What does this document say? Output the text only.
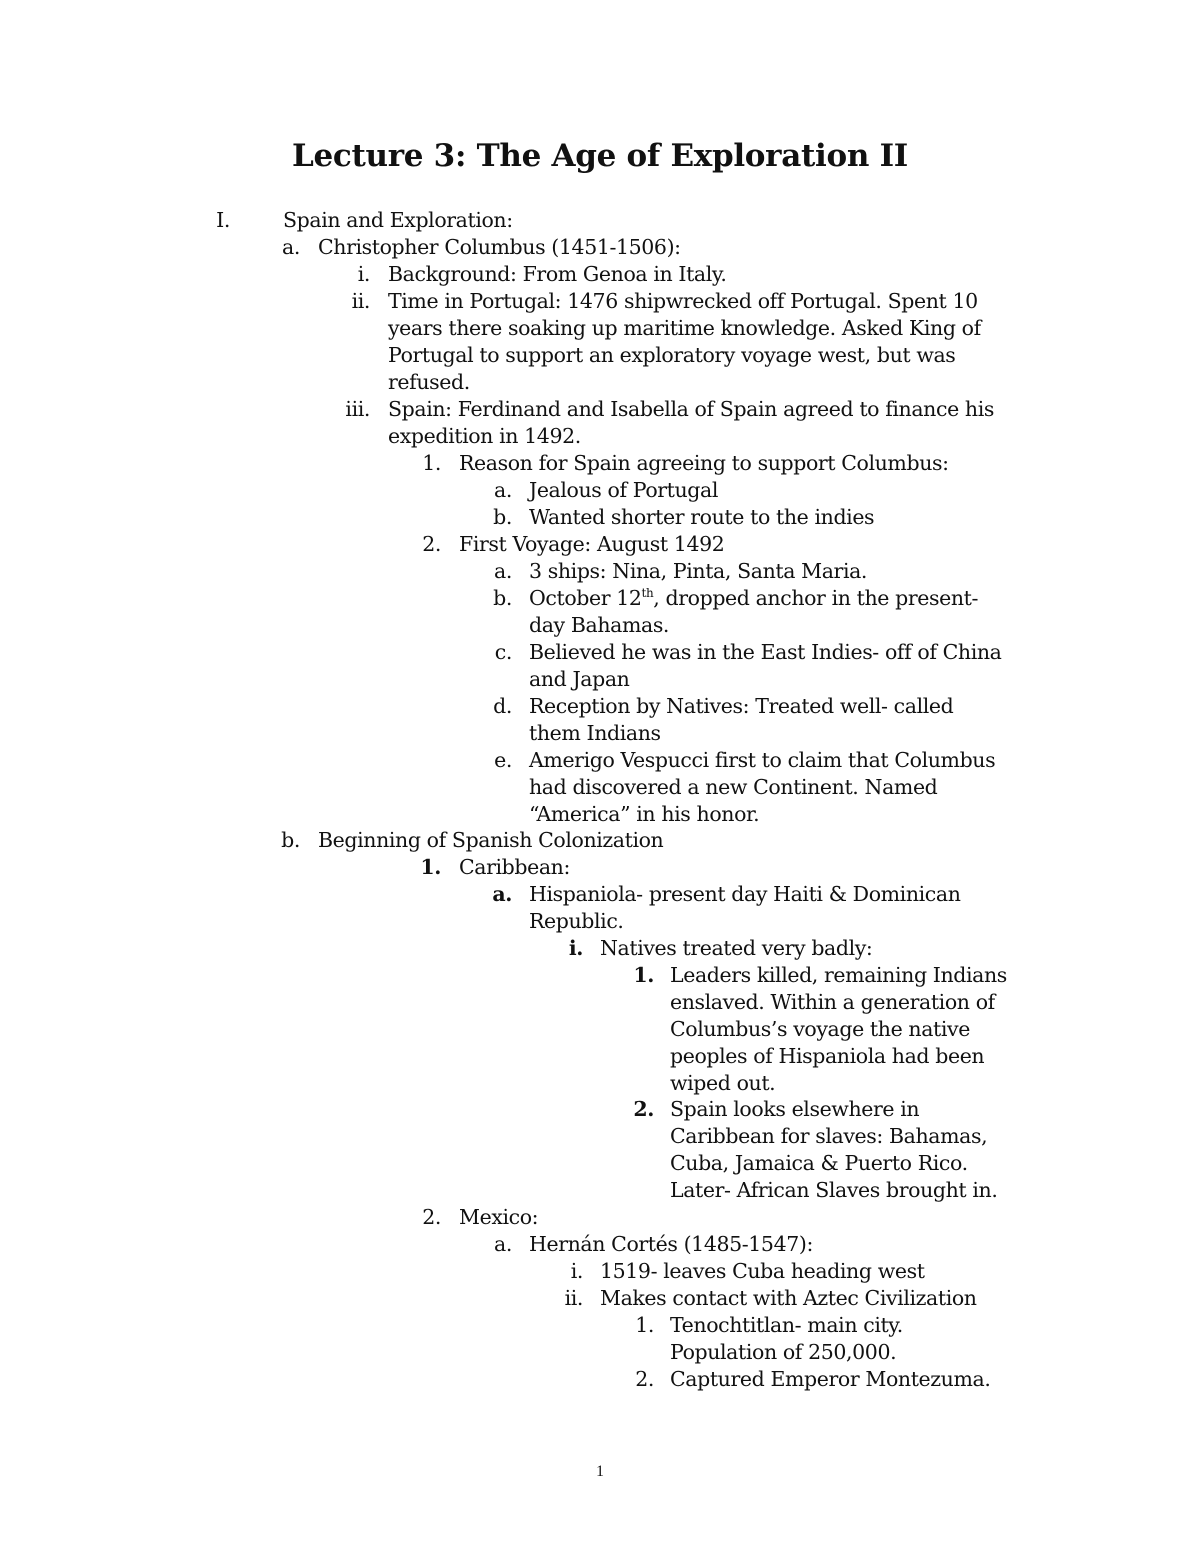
Lecture 3: The Age of Exploration II
I.	Spain and Exploration:
a. Christopher Columbus (1451-1506):
i. Background: From Genoa in Italy.
ii. Time in Portugal: 1476 shipwrecked off Portugal. Spent 10
years there soaking up maritime knowledge. Asked King of
Portugal to support an exploratory voyage west, but was
refused.
iii. Spain: Ferdinand and Isabella of Spain agreed to finance his
expedition in 1492.
1. Reason for Spain agreeing to support Columbus:
a. Jealous of Portugal
b. Wanted shorter route to the indies
2. First Voyage: August 1492
a. 3 ships: Nina, Pinta, Santa Maria.
b. October 12th, dropped anchor in the present-
day Bahamas.
c. Believed he was in the East Indies- off of China
and Japan
d. Reception by Natives: Treated well- called
them Indians
e. Amerigo Vespucci first to claim that Columbus
had discovered a new Continent. Named
“America” in his honor.
b. Beginning of Spanish Colonization
1. Caribbean:
a. Hispaniola- present day Haiti & Dominican
Republic.
i. Natives treated very badly:
1. Leaders killed, remaining Indians
enslaved. Within a generation of
Columbus’s voyage the native
peoples of Hispaniola had been
wiped out.
2. Spain looks elsewhere in
Caribbean for slaves: Bahamas,
Cuba, Jamaica & Puerto Rico.
Later- African Slaves brought in.
2. Mexico:
a. Hernán Cortés (1485-1547):
i. 1519- leaves Cuba heading west
ii. Makes contact with Aztec Civilization
1. Tenochtitlan- main city.
Population of 250,000.
2. Captured Emperor Montezuma.
1
